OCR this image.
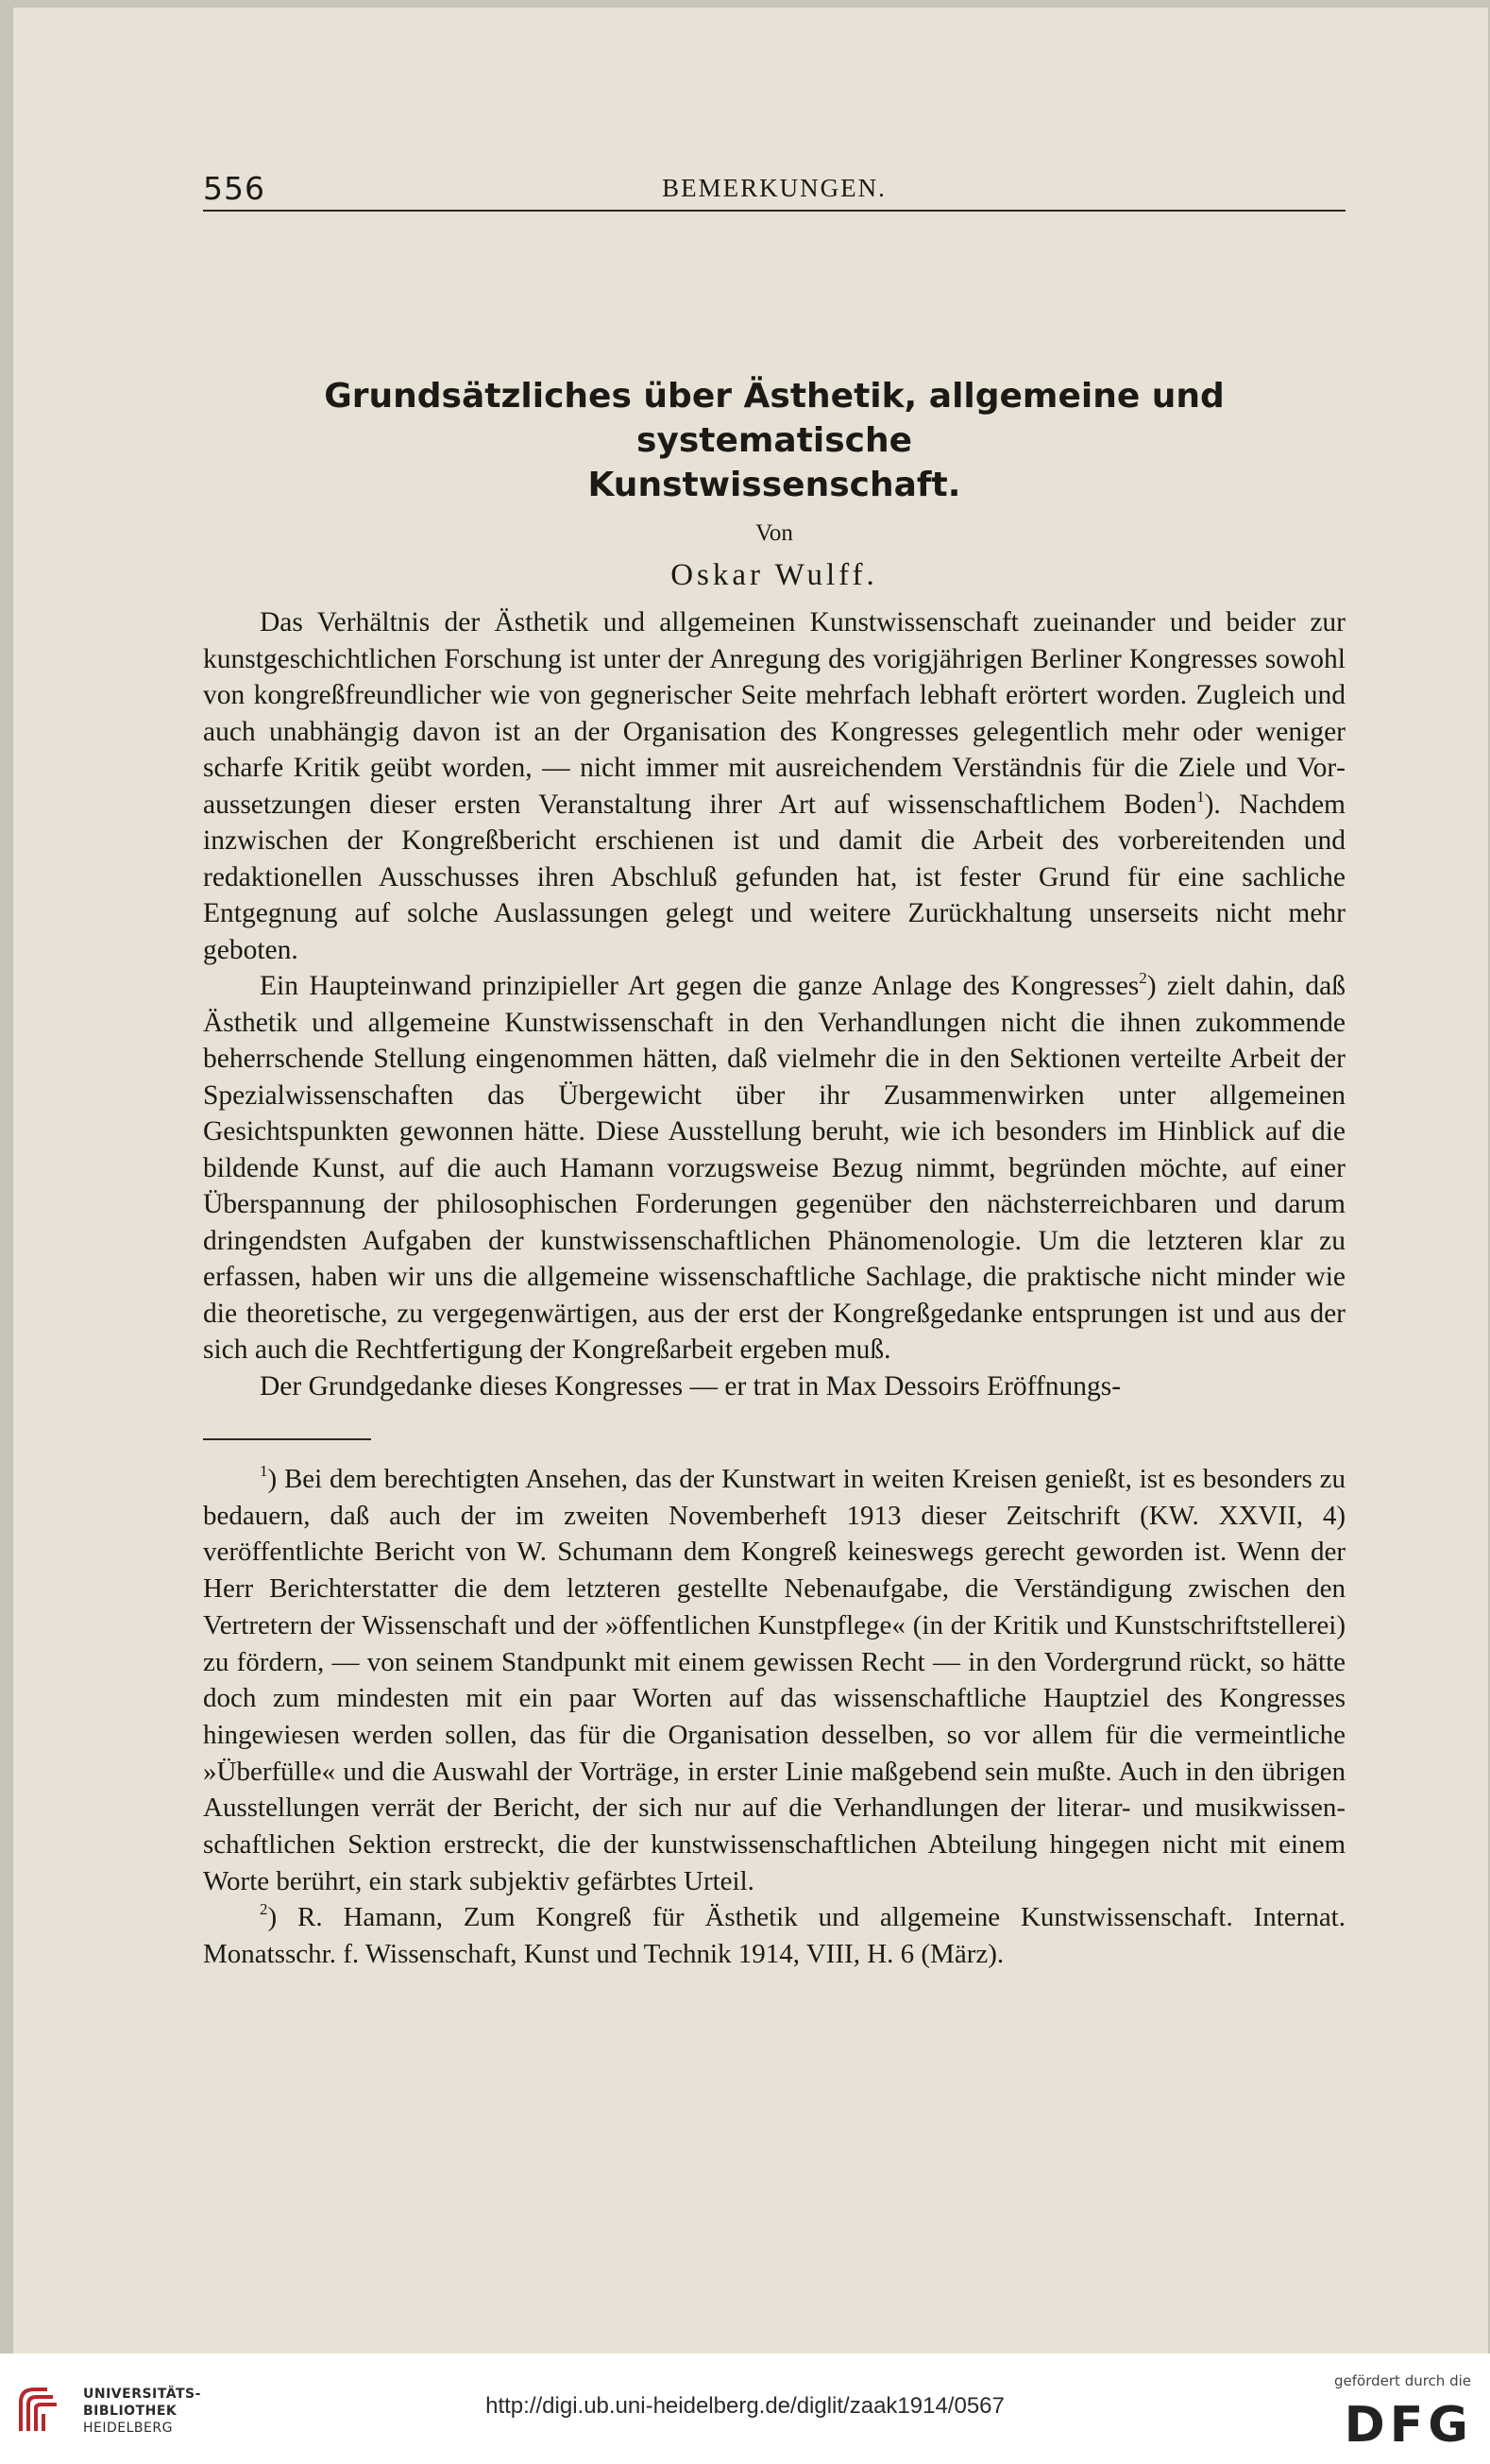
556	BEMERKUNGEN.
Grundsätzliches über Ästhetik, allgemeine und systematische
Kunstwissenschaft.
Von
Oskar Wulff.

Das Verhältnis der Ästhetik und allgemeinen Kunstwissenschaft zueinander und beider zur kunstgeschichtlichen Forschung ist unter der Anregung des vorigjährigen Berliner Kongresses sowohl von kongreßfreundlicher wie von gegnerischer Seite mehrfach lebhaft erörtert worden. Zugleich und auch unabhängig davon ist an der Organisation des Kongresses gelegentlich mehr oder weniger scharfe Kritik geübt worden, — nicht immer mit ausreichendem Verständnis für die Ziele und Voraussetzungen dieser ersten Veranstaltung ihrer Art auf wissenschaftlichem Boden$^1$). Nachdem inzwischen der Kongreßbericht erschienen ist und damit die Arbeit des vorbereitenden und redaktionellen Ausschusses ihren Abschluß gefunden hat, ist fester Grund für eine sachliche Entgegnung auf solche Auslassungen gelegt und weitere Zurückhaltung unserseits nicht mehr geboten.

Ein Haupteinwand prinzipieller Art gegen die ganze Anlage des Kongresses$^2$) zielt dahin, daß Ästhetik und allgemeine Kunstwissenschaft in den Verhandlungen nicht die ihnen zukommende beherrschende Stellung eingenommen hätten, daß vielmehr die in den Sektionen verteilte Arbeit der Spezialwissenschaften das Übergewicht über ihr Zusammenwirken unter allgemeinen Gesichtspunkten gewonnen hätte. Diese Ausstellung beruht, wie ich besonders im Hinblick auf die bildende Kunst, auf die auch Hamann vorzugsweise Bezug nimmt, begründen möchte, auf einer Überspannung der philosophischen Forderungen gegenüber den nächsterreichbaren und darum dringendsten Aufgaben der kunstwissenschaftlichen Phänomenologie. Um die letzteren klar zu erfassen, haben wir uns die allgemeine wissenschaftliche Sachlage, die praktische nicht minder wie die theoretische, zu vergegenwärtigen, aus der erst der Kongreßgedanke entsprungen ist und aus der sich auch die Rechtfertigung der Kongreßarbeit ergeben muß.

Der Grundgedanke dieses Kongresses — er trat in Max Dessoirs Eröffnungs-

$^1$) Bei dem berechtigten Ansehen, das der Kunstwart in weiten Kreisen genießt, ist es besonders zu bedauern, daß auch der im zweiten Novemberheft 1913 dieser Zeitschrift (KW. XXVII, 4) veröffentlichte Bericht von W. Schumann dem Kongreß keineswegs gerecht geworden ist. Wenn der Herr Berichterstatter die dem letzteren gestellte Nebenaufgabe, die Verständigung zwischen den Vertretern der Wissenschaft und der »öffentlichen Kunstpflege« (in der Kritik und Kunstschriftstellerei) zu fördern, — von seinem Standpunkt mit einem gewissen Recht — in den Vordergrund rückt, so hätte doch zum mindesten mit ein paar Worten auf das wissenschaftliche Hauptziel des Kongresses hingewiesen werden sollen, das für die Organisation desselben, so vor allem für die vermeintliche »Überfülle« und die Auswahl der Vorträge, in erster Linie maßgebend sein mußte. Auch in den übrigen Ausstellungen verrät der Bericht, der sich nur auf die Verhandlungen der literar- und musikwissenschaftlichen Sektion erstreckt, die der kunstwissenschaftlichen Abteilung hingegen nicht mit einem Worte berührt, ein stark subjektiv gefärbtes Urteil.

$^2$) R. Hamann, Zum Kongreß für Ästhetik und allgemeine Kunstwissenschaft. Internat. Monatsschr. f. Wissenschaft, Kunst und Technik 1914, VIII, H. 6 (März).

UNIVERSITÄTS-
BIBLIOTHEK
HEIDELBERG
http://digi.ub.uni-heidelberg.de/diglit/zaak1914/0567
gefördert durch die
DFG
